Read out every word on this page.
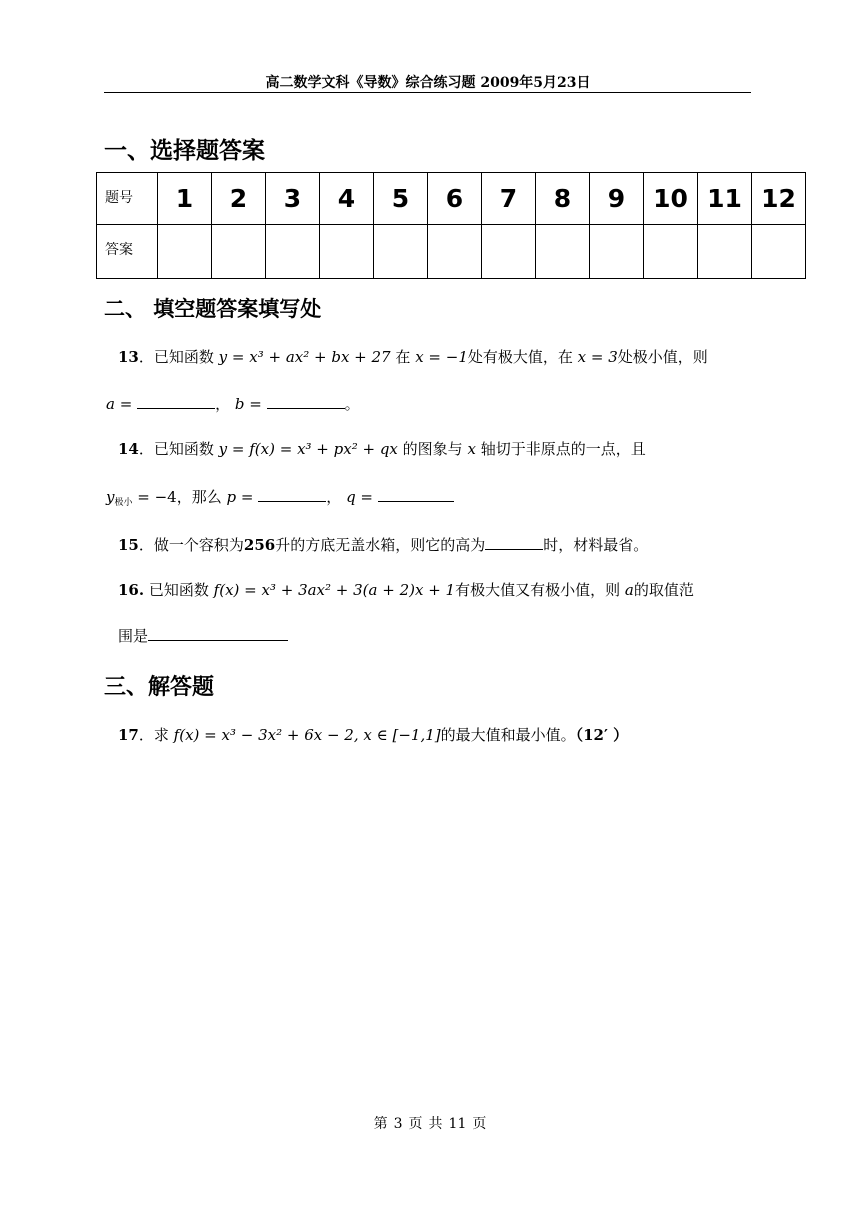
高二数学文科《导数》综合练习题 2009年5月23日
一、选择题答案
题号	1	2	3	4	5	6	7	8	9	10	11	12
答案												
二、 填空题答案填写处
13．已知函数 y = x³ + ax² + bx + 27 在 x = −1处有极大值，在 x = 3处极小值，则
a =	， b =	。
14．已知函数 y = f(x) = x³ + px² + qx 的图象与 x 轴切于非原点的一点，且
$y_{极小} = -4$，那么 p =	， q =
15．做一个容积为256升的方底无盖水箱，则它的高为	时，材料最省。
16. 已知函数 f(x) = x³ + 3ax² + 3(a + 2)x + 1有极大值又有极小值，则 a的取值范
围是
三、解答题
17．求 f(x) = x³ − 3x² + 6x − 2, x ∈ [−1,1]的最大值和最小值。（12′ ）
第 3 页 共 11 页
